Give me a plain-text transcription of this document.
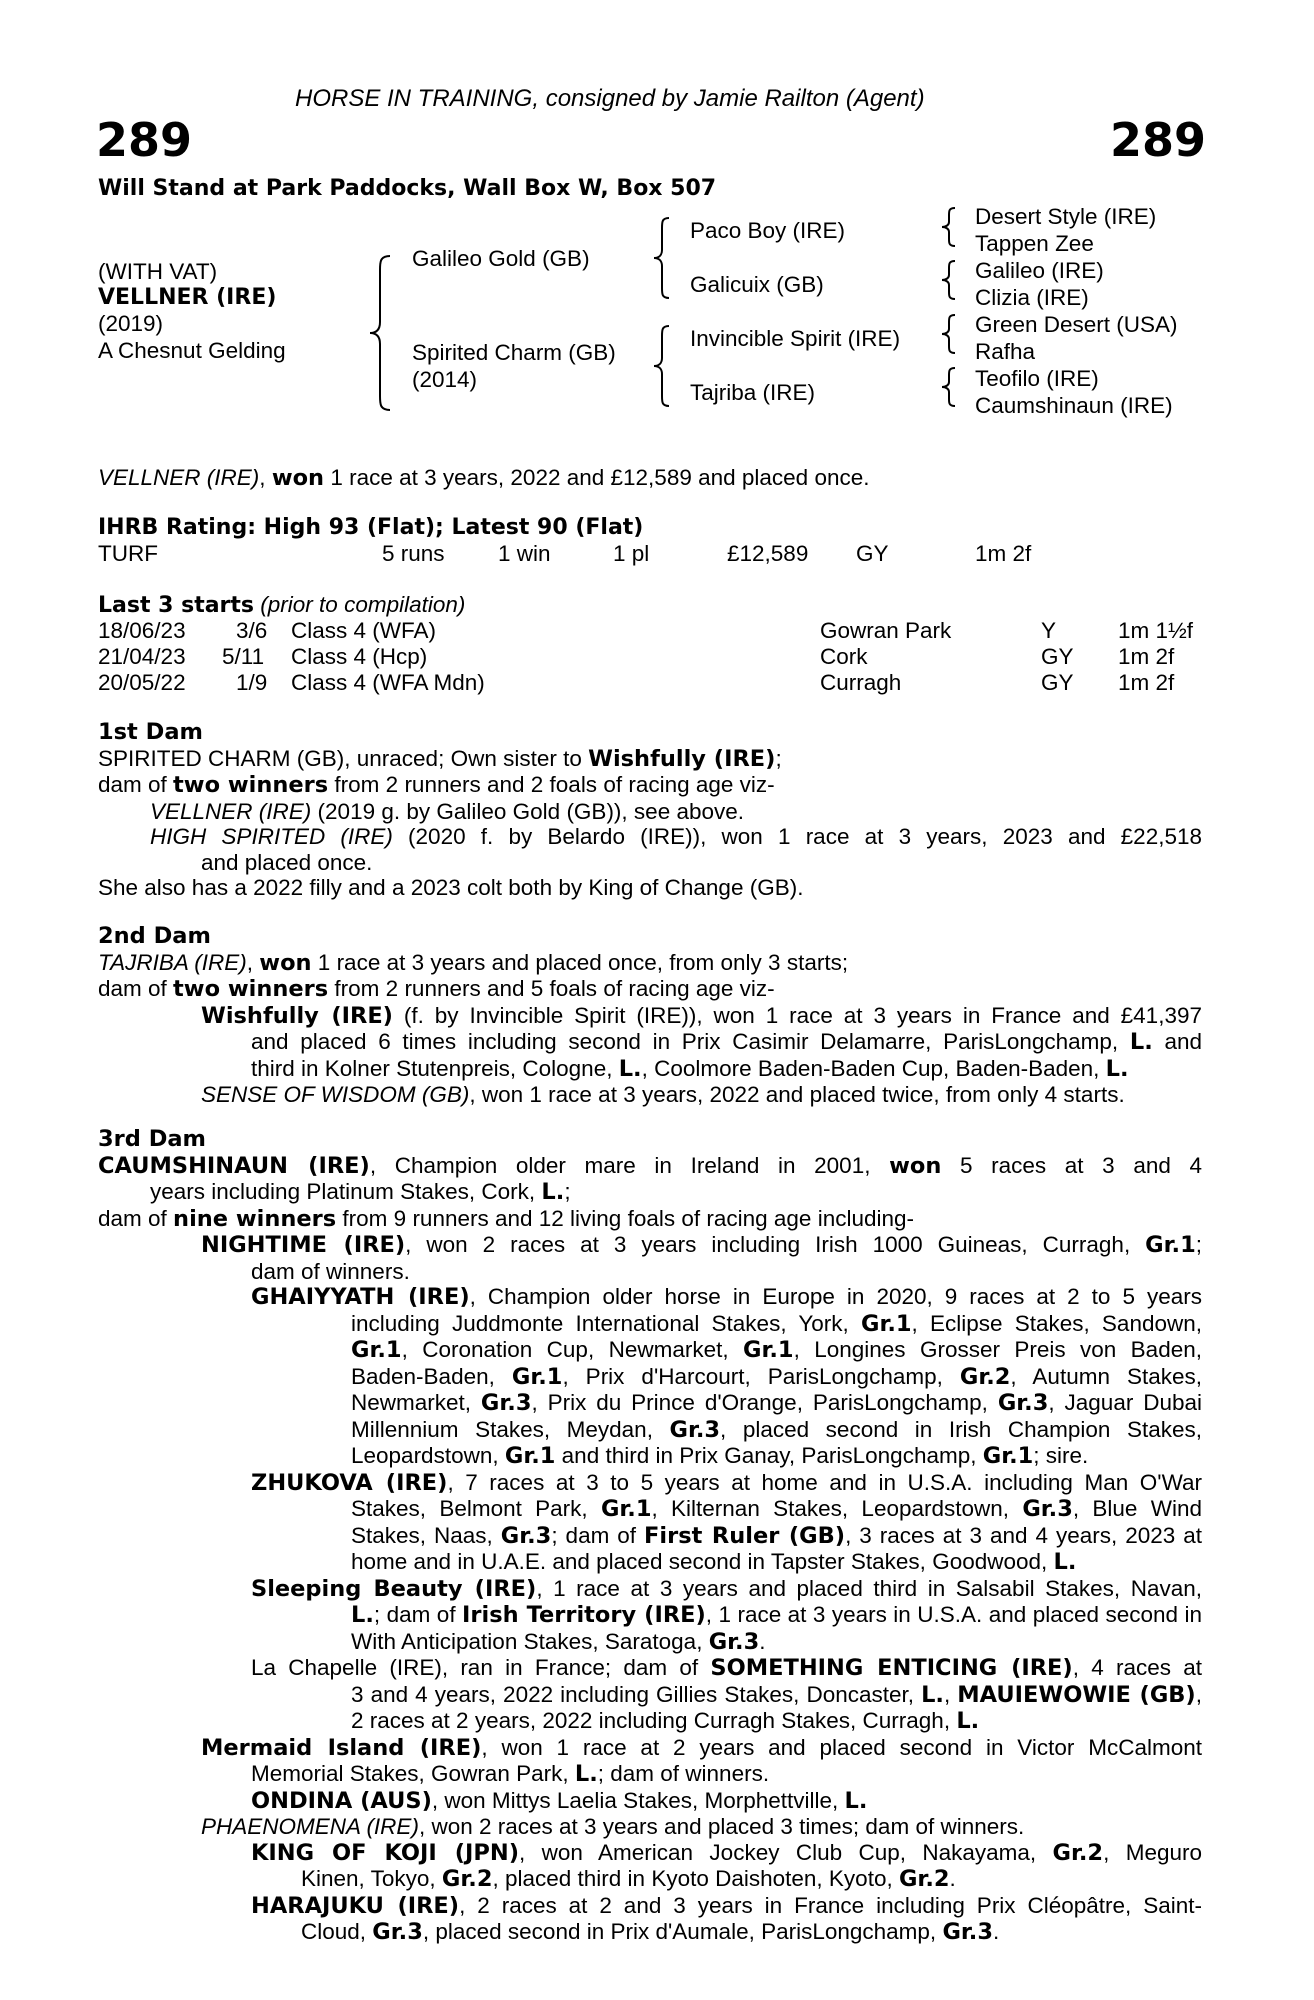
HORSE IN TRAINING, consigned by Jamie Railton (Agent)
289	289
Will Stand at Park Paddocks, Wall Box W, Box 507
(WITH VAT)
VELLNER (IRE)
(2019)
A Chesnut Gelding
Galileo Gold (GB)
Spirited Charm (GB)
(2014)
Paco Boy (IRE)
Galicuix (GB)
Invincible Spirit (IRE)
Tajriba (IRE)
Desert Style (IRE)
Tappen Zee
Galileo (IRE)
Clizia (IRE)
Green Desert (USA)
Rafha
Teofilo (IRE)
Caumshinaun (IRE)
VELLNER (IRE), won 1 race at 3 years, 2022 and £12,589 and placed once.
IHRB Rating: High 93 (Flat); Latest 90 (Flat)
TURF	5 runs 1 win	1 pl	£12,589 GY	1m 2f
Last 3 starts (prior to compilation)
18/06/23 3/6 Class 4 (WFA)	Gowran Park	Y	1m 1½f
21/04/23 5/11 Class 4 (Hcp)	Cork	GY 1m 2f
20/05/22 1/9 Class 4 (WFA Mdn)	Curragh	GY 1m 2f
1st Dam
SPIRITED CHARM (GB), unraced; Own sister to Wishfully (IRE);
dam of two winners from 2 runners and 2 foals of racing age viz-
VELLNER (IRE) (2019 g. by Galileo Gold (GB)), see above.
HIGH SPIRITED (IRE) (2020 f. by Belardo (IRE)), won 1 race at 3 years, 2023 and £22,518
and placed once.
She also has a 2022 filly and a 2023 colt both by King of Change (GB).
2nd Dam
TAJRIBA (IRE), won 1 race at 3 years and placed once, from only 3 starts;
dam of two winners from 2 runners and 5 foals of racing age viz-
Wishfully (IRE) (f. by Invincible Spirit (IRE)), won 1 race at 3 years in France and £41,397
and placed 6 times including second in Prix Casimir Delamarre, ParisLongchamp, L. and
third in Kolner Stutenpreis, Cologne, L., Coolmore Baden-Baden Cup, Baden-Baden, L.
SENSE OF WISDOM (GB), won 1 race at 3 years, 2022 and placed twice, from only 4 starts.
3rd Dam
CAUMSHINAUN (IRE), Champion older mare in Ireland in 2001, won 5 races at 3 and 4
years including Platinum Stakes, Cork, L.;
dam of nine winners from 9 runners and 12 living foals of racing age including-
NIGHTIME (IRE), won 2 races at 3 years including Irish 1000 Guineas, Curragh, Gr.1;
dam of winners.
GHAIYYATH (IRE), Champion older horse in Europe in 2020, 9 races at 2 to 5 years
including Juddmonte International Stakes, York, Gr.1, Eclipse Stakes, Sandown,
Gr.1, Coronation Cup, Newmarket, Gr.1, Longines Grosser Preis von Baden,
Baden-Baden, Gr.1, Prix d'Harcourt, ParisLongchamp, Gr.2, Autumn Stakes,
Newmarket, Gr.3, Prix du Prince d'Orange, ParisLongchamp, Gr.3, Jaguar Dubai
Millennium Stakes, Meydan, Gr.3, placed second in Irish Champion Stakes,
Leopardstown, Gr.1 and third in Prix Ganay, ParisLongchamp, Gr.1; sire.
ZHUKOVA (IRE), 7 races at 3 to 5 years at home and in U.S.A. including Man O'War
Stakes, Belmont Park, Gr.1, Kilternan Stakes, Leopardstown, Gr.3, Blue Wind
Stakes, Naas, Gr.3; dam of First Ruler (GB), 3 races at 3 and 4 years, 2023 at
home and in U.A.E. and placed second in Tapster Stakes, Goodwood, L.
Sleeping Beauty (IRE), 1 race at 3 years and placed third in Salsabil Stakes, Navan,
L.; dam of Irish Territory (IRE), 1 race at 3 years in U.S.A. and placed second in
With Anticipation Stakes, Saratoga, Gr.3.
La Chapelle (IRE), ran in France; dam of SOMETHING ENTICING (IRE), 4 races at
3 and 4 years, 2022 including Gillies Stakes, Doncaster, L., MAUIEWOWIE (GB),
2 races at 2 years, 2022 including Curragh Stakes, Curragh, L.
Mermaid Island (IRE), won 1 race at 2 years and placed second in Victor McCalmont
Memorial Stakes, Gowran Park, L.; dam of winners.
ONDINA (AUS), won Mittys Laelia Stakes, Morphettville, L.
PHAENOMENA (IRE), won 2 races at 3 years and placed 3 times; dam of winners.
KING OF KOJI (JPN), won American Jockey Club Cup, Nakayama, Gr.2, Meguro
Kinen, Tokyo, Gr.2, placed third in Kyoto Daishoten, Kyoto, Gr.2.
HARAJUKU (IRE), 2 races at 2 and 3 years in France including Prix Cléopâtre, Saint-
Cloud, Gr.3, placed second in Prix d'Aumale, ParisLongchamp, Gr.3.
